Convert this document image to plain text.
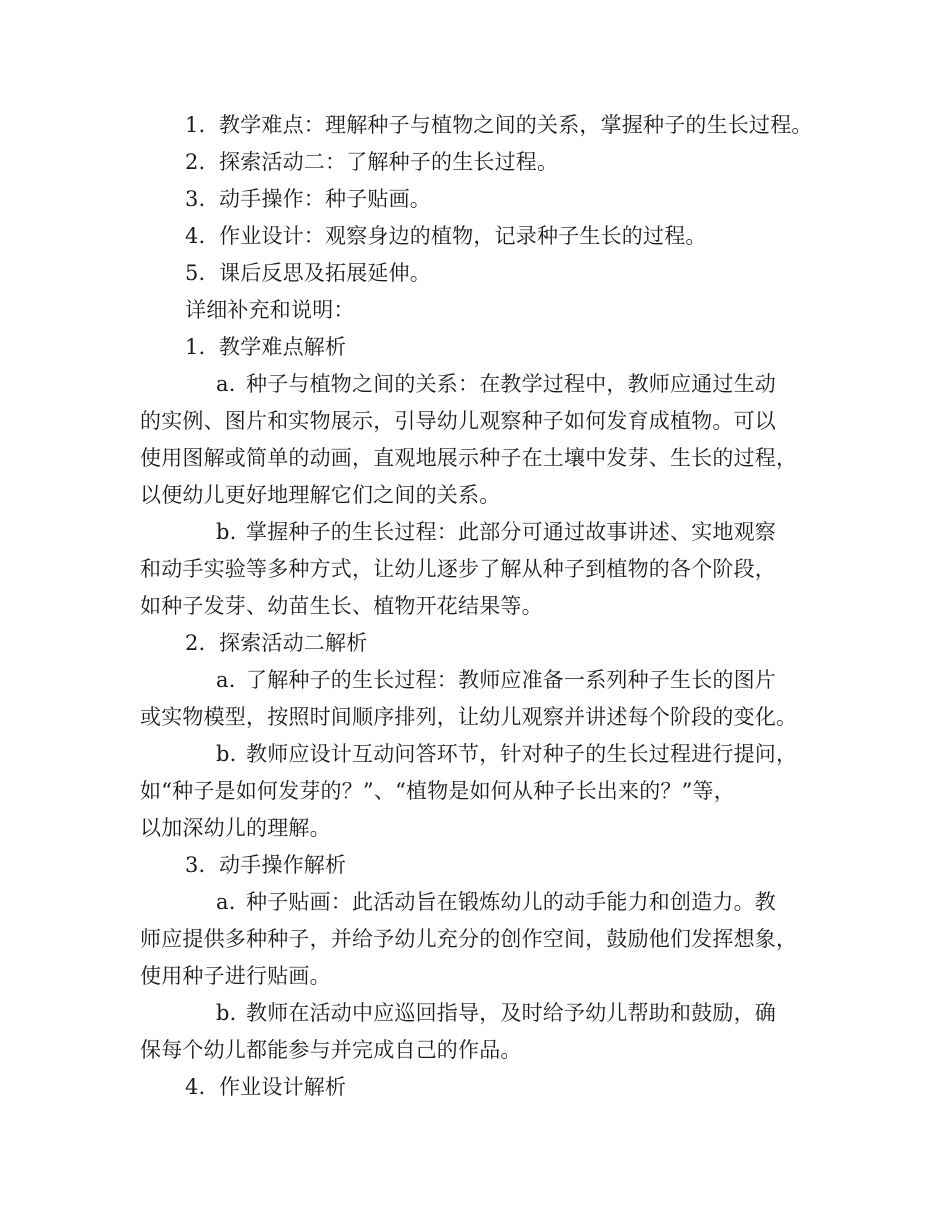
1. 教学难点：理解种子与植物之间的关系，掌握种子的生长过程。
2. 探索活动二：了解种子的生长过程。
3. 动手操作：种子贴画。
4. 作业设计：观察身边的植物，记录种子生长的过程。
5. 课后反思及拓展延伸。
详细补充和说明：
1. 教学难点解析
a. 种子与植物之间的关系：在教学过程中，教师应通过生动
的实例、图片和实物展示，引导幼儿观察种子如何发育成植物。可以
使用图解或简单的动画，直观地展示种子在土壤中发芽、生长的过程，
以便幼儿更好地理解它们之间的关系。
b. 掌握种子的生长过程：此部分可通过故事讲述、实地观察
和动手实验等多种方式，让幼儿逐步了解从种子到植物的各个阶段，
如种子发芽、幼苗生长、植物开花结果等。
2. 探索活动二解析
a. 了解种子的生长过程：教师应准备一系列种子生长的图片
或实物模型，按照时间顺序排列，让幼儿观察并讲述每个阶段的变化。
b. 教师应设计互动问答环节，针对种子的生长过程进行提问，
如“种子是如何发芽的？”、“植物是如何从种子长出来的？”等，
以加深幼儿的理解。
3. 动手操作解析
a. 种子贴画：此活动旨在锻炼幼儿的动手能力和创造力。教
师应提供多种种子，并给予幼儿充分的创作空间，鼓励他们发挥想象，
使用种子进行贴画。
b. 教师在活动中应巡回指导，及时给予幼儿帮助和鼓励，确
保每个幼儿都能参与并完成自己的作品。
4. 作业设计解析
